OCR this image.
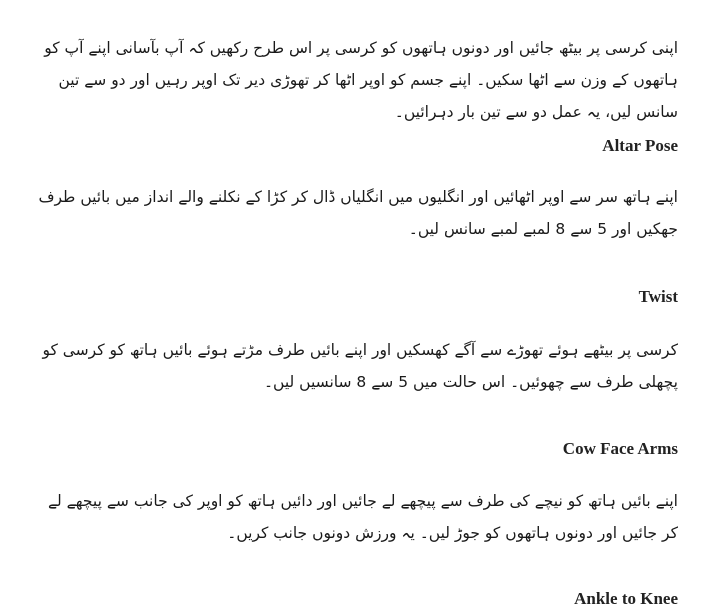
اپنی کرسی پر بیٹھ جائیں اور دونوں ہاتھوں کو کرسی پر اس طرح رکھیں کہ آپ بآسانی اپنے آپ کو ہاتھوں کے وزن سے اٹھا سکیں۔ اپنے جسم کو اوپر اٹھا کر تھوڑی دیر تک اوپر رہیں اور دو سے تین سانس لیں، یہ عمل دو سے تین بار دہرائیں۔

Altar Pose

اپنے ہاتھ سر سے اوپر اٹھائیں اور انگلیوں میں انگلیاں ڈال کر کڑا کے نکلنے والے انداز میں بائیں طرف جھکیں اور 5 سے 8 لمبے لمبے سانس لیں۔

Twist

کرسی پر بیٹھے ہوئے تھوڑے سے آگے کھسکیں اور اپنے بائیں طرف مڑتے ہوئے بائیں ہاتھ کو کرسی کو پچھلی طرف سے چھوئیں۔ اس حالت میں 5 سے 8 سانسیں لیں۔

Cow Face Arms

اپنے بائیں ہاتھ کو نیچے کی طرف سے پیچھے لے جائیں اور دائیں ہاتھ کو اوپر کی جانب سے پیچھے لے کر جائیں اور دونوں ہاتھوں کو جوڑ لیں۔ یہ ورزش دونوں جانب کریں۔

Ankle to Knee
